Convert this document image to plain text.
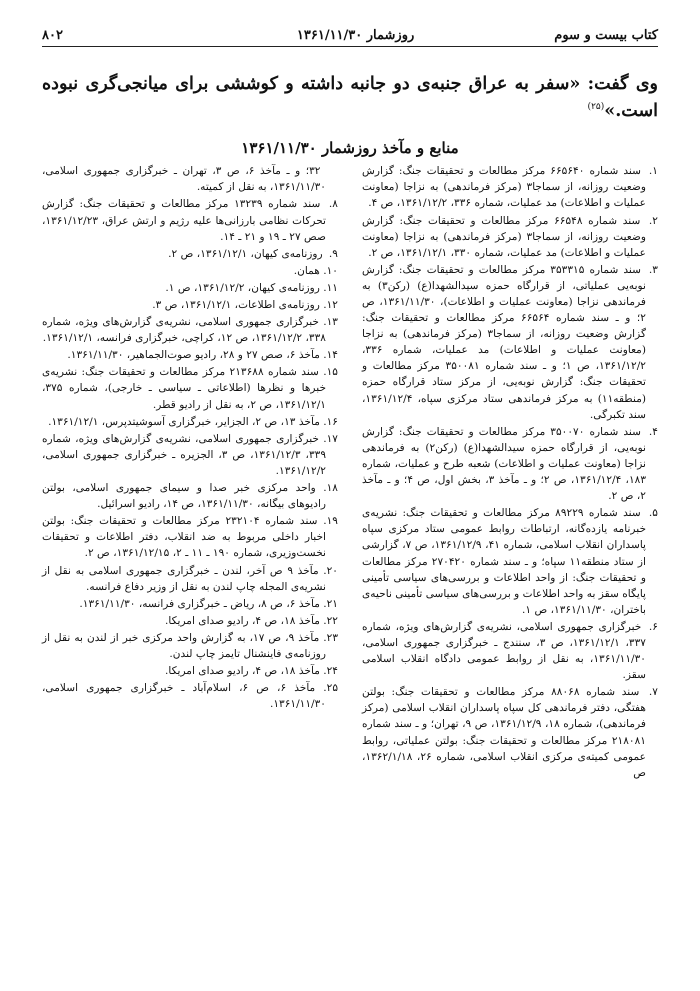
کتاب بیست و سوم
روزشمار ۱۳۶۱/۱۱/۳۰
۸۰۲

وی گفت: «سفر به عراق جنبه‌ی دو جانبه داشته و کوششی برای میانجی‌گری نبوده است.»$^{(۲۵)}$

منابع و مآخذ روزشمار ۱۳۶۱/۱۱/۳۰
۱. سند شماره ۶۶۵۶۴۰ مرکز مطالعات و تحقیقات جنگ: گزارش وضعیت روزانه، از سماجا۳ (مرکز فرماندهی) به نزاجا (معاونت عملیات و اطلاعات) مد عملیات، شماره ۳۳۶، ۱۳۶۱/۱۲/۲، ص ۴.
۲. سند شماره ۶۶۵۴۸ مرکز مطالعات و تحقیقات جنگ: گزارش وضعیت روزانه، از سماجا۳ (مرکز فرماندهی) به نزاجا (معاونت عملیات و اطلاعات) مد عملیات، شماره ۳۳۰، ۱۳۶۱/۱۲/۱، ص ۲.
۳. سند شماره ۳۵۳۳۱۵ مرکز مطالعات و تحقیقات جنگ: گزارش نوبه‌یی عملیاتی، از قرارگاه حمزه سیدالشهدا(ع) (رکن۳) به فرماندهی نزاجا (معاونت عملیات و اطلاعات)، ۱۳۶۱/۱۱/۳۰، ص ۲؛ و ـ سند شماره ۶۶۵۶۴ مرکز مطالعات و تحقیقات جنگ: گزارش وضعیت روزانه، از سماجا۳ (مرکز فرماندهی) به نزاجا (معاونت عملیات و اطلاعات) مد عملیات، شماره ۳۳۶، ۱۳۶۱/۱۲/۲، ص ۱؛ و ـ سند شماره ۳۵۰۰۸۱ مرکز مطالعات و تحقیقات جنگ: گزارش نوبه‌یی، از مرکز ستاد قرارگاه حمزه (منطقه۱۱) به مرکز فرماندهی ستاد مرکزی سپاه، ۱۳۶۱/۱۲/۴، سند تکبرگی.
۴. سند شماره ۳۵۰۰۷۰ مرکز مطالعات و تحقیقات جنگ: گزارش نوبه‌یی، از قرارگاه حمزه سیدالشهدا(ع) (رکن۲) به فرماندهی نزاجا (معاونت عملیات و اطلاعات) شعبه طرح و عملیات، شماره ۱۸۳، ۱۳۶۱/۱۲/۴، ص ۲؛ و ـ مآخذ ۳، بخش اول، ص ۴؛ و ـ مآخذ ۲، ص ۲.
۵. سند شماره ۸۹۲۲۹ مرکز مطالعات و تحقیقات جنگ: نشریه‌ی خبرنامه یازده‌گانه، ارتباطات روابط عمومی ستاد مرکزی سپاه پاسداران انقلاب اسلامی، شماره ۴۱، ۱۳۶۱/۱۲/۹، ص ۷، گزارشی از ستاد منطقه۱۱ سپاه؛ و ـ سند شماره ۲۷۰۴۲۰ مرکز مطالعات و تحقیقات جنگ: از واحد اطلاعات و بررسی‌های سیاسی تأمینی پایگاه سقز به واحد اطلاعات و بررسی‌های سیاسی تأمینی ناحیه‌ی باختران، ۱۳۶۱/۱۱/۳۰، ص ۱.
۶. خبرگزاری جمهوری اسلامی، نشریه‌ی گزارش‌های ویژه، شماره ۳۳۷، ۱۳۶۱/۱۲/۱، ص ۳، سنندج ـ خبرگزاری جمهوری اسلامی، ۱۳۶۱/۱۱/۳۰، به نقل از روابط عمومی دادگاه انقلاب اسلامی سقز.
۷. سند شماره ۸۸۰۶۸ مرکز مطالعات و تحقیقات جنگ: بولتن هفتگی، دفتر فرماندهی کل سپاه پاسداران انقلاب اسلامی (مرکز فرماندهی)، شماره ۱۸، ۱۳۶۱/۱۲/۹، ص ۹، تهران؛ و ـ سند شماره ۲۱۸۰۸۱ مرکز مطالعات و تحقیقات جنگ: بولتن عملیاتی، روابط عمومی کمیته‌ی مرکزی انقلاب اسلامی، شماره ۲۶، ۱۳۶۲/۱/۱۸، ص
۳۲؛ و ـ مآخذ ۶، ص ۳، تهران ـ خبرگزاری جمهوری اسلامی، ۱۳۶۱/۱۱/۳۰، به نقل از کمیته.
۸. سند شماره ۱۳۲۳۹ مرکز مطالعات و تحقیقات جنگ: گزارش تحرکات نظامی بارزانی‌ها علیه رژیم و ارتش عراق، ۱۳۶۱/۱۲/۲۳، صص ۲۷ ـ ۱۹ و ۲۱ ـ ۱۴.
۹. روزنامه‌ی کیهان، ۱۳۶۱/۱۲/۱، ص ۲.
۱۰. همان.
۱۱. روزنامه‌ی کیهان، ۱۳۶۱/۱۲/۲، ص ۱.
۱۲. روزنامه‌ی اطلاعات، ۱۳۶۱/۱۲/۱، ص ۳.
۱۳. خبرگزاری جمهوری اسلامی، نشریه‌ی گزارش‌های ویژه، شماره ۳۳۸، ۱۳۶۱/۱۲/۲، ص ۱۲، کراچی، خبرگزاری فرانسه، ۱۳۶۱/۱۲/۱.
۱۴. مآخذ ۶، صص ۲۷ و ۲۸، رادیو صوت‌الجماهیر، ۱۳۶۱/۱۱/۳۰.
۱۵. سند شماره ۲۱۳۶۸۸ مرکز مطالعات و تحقیقات جنگ: نشریه‌ی خبرها و نظرها (اطلاعاتی ـ سیاسی ـ خارجی)، شماره ۳۷۵، ۱۳۶۱/۱۲/۱، ص ۲، به نقل از رادیو قطر.
۱۶. مآخذ ۱۳، ص ۲، الجزایر، خبرگزاری آسوشیتدپرس، ۱۳۶۱/۱۲/۱.
۱۷. خبرگزاری جمهوری اسلامی، نشریه‌ی گزارش‌های ویژه، شماره ۳۳۹، ۱۳۶۱/۱۲/۳، ص ۳، الجزیره ـ خبرگزاری جمهوری اسلامی، ۱۳۶۱/۱۲/۲.
۱۸. واحد مرکزی خبر صدا و سیمای جمهوری اسلامی، بولتن رادیوهای بیگانه، ۱۳۶۱/۱۱/۳۰، ص ۱۴، رادیو اسرائیل.
۱۹. سند شماره ۲۳۲۱۰۴ مرکز مطالعات و تحقیقات جنگ: بولتن اخبار داخلی مربوط به ضد انقلاب، دفتر اطلاعات و تحقیقات نخست‌وزیری، شماره ۱۹۰ ـ ۱۱ ـ ۲، ۱۳۶۱/۱۲/۱۵، ص ۲.
۲۰. مآخذ ۹ ص آخر، لندن ـ خبرگزاری جمهوری اسلامی به نقل از نشریه‌ی المجله چاپ لندن به نقل از وزیر دفاع فرانسه.
۲۱. مآخذ ۶، ص ۸، ریاض ـ خبرگزاری فرانسه، ۱۳۶۱/۱۱/۳۰.
۲۲. مآخذ ۱۸، ص ۴، رادیو صدای امریکا.
۲۳. مآخذ ۹، ص ۱۷، به گزارش واحد مرکزی خبر از لندن به نقل از روزنامه‌ی فاینشنال تایمز چاپ لندن.
۲۴. مآخذ ۱۸، ص ۴، رادیو صدای امریکا.
۲۵. مآخذ ۶، ص ۶، اسلام‌آباد ـ خبرگزاری جمهوری اسلامی، ۱۳۶۱/۱۱/۳۰.
